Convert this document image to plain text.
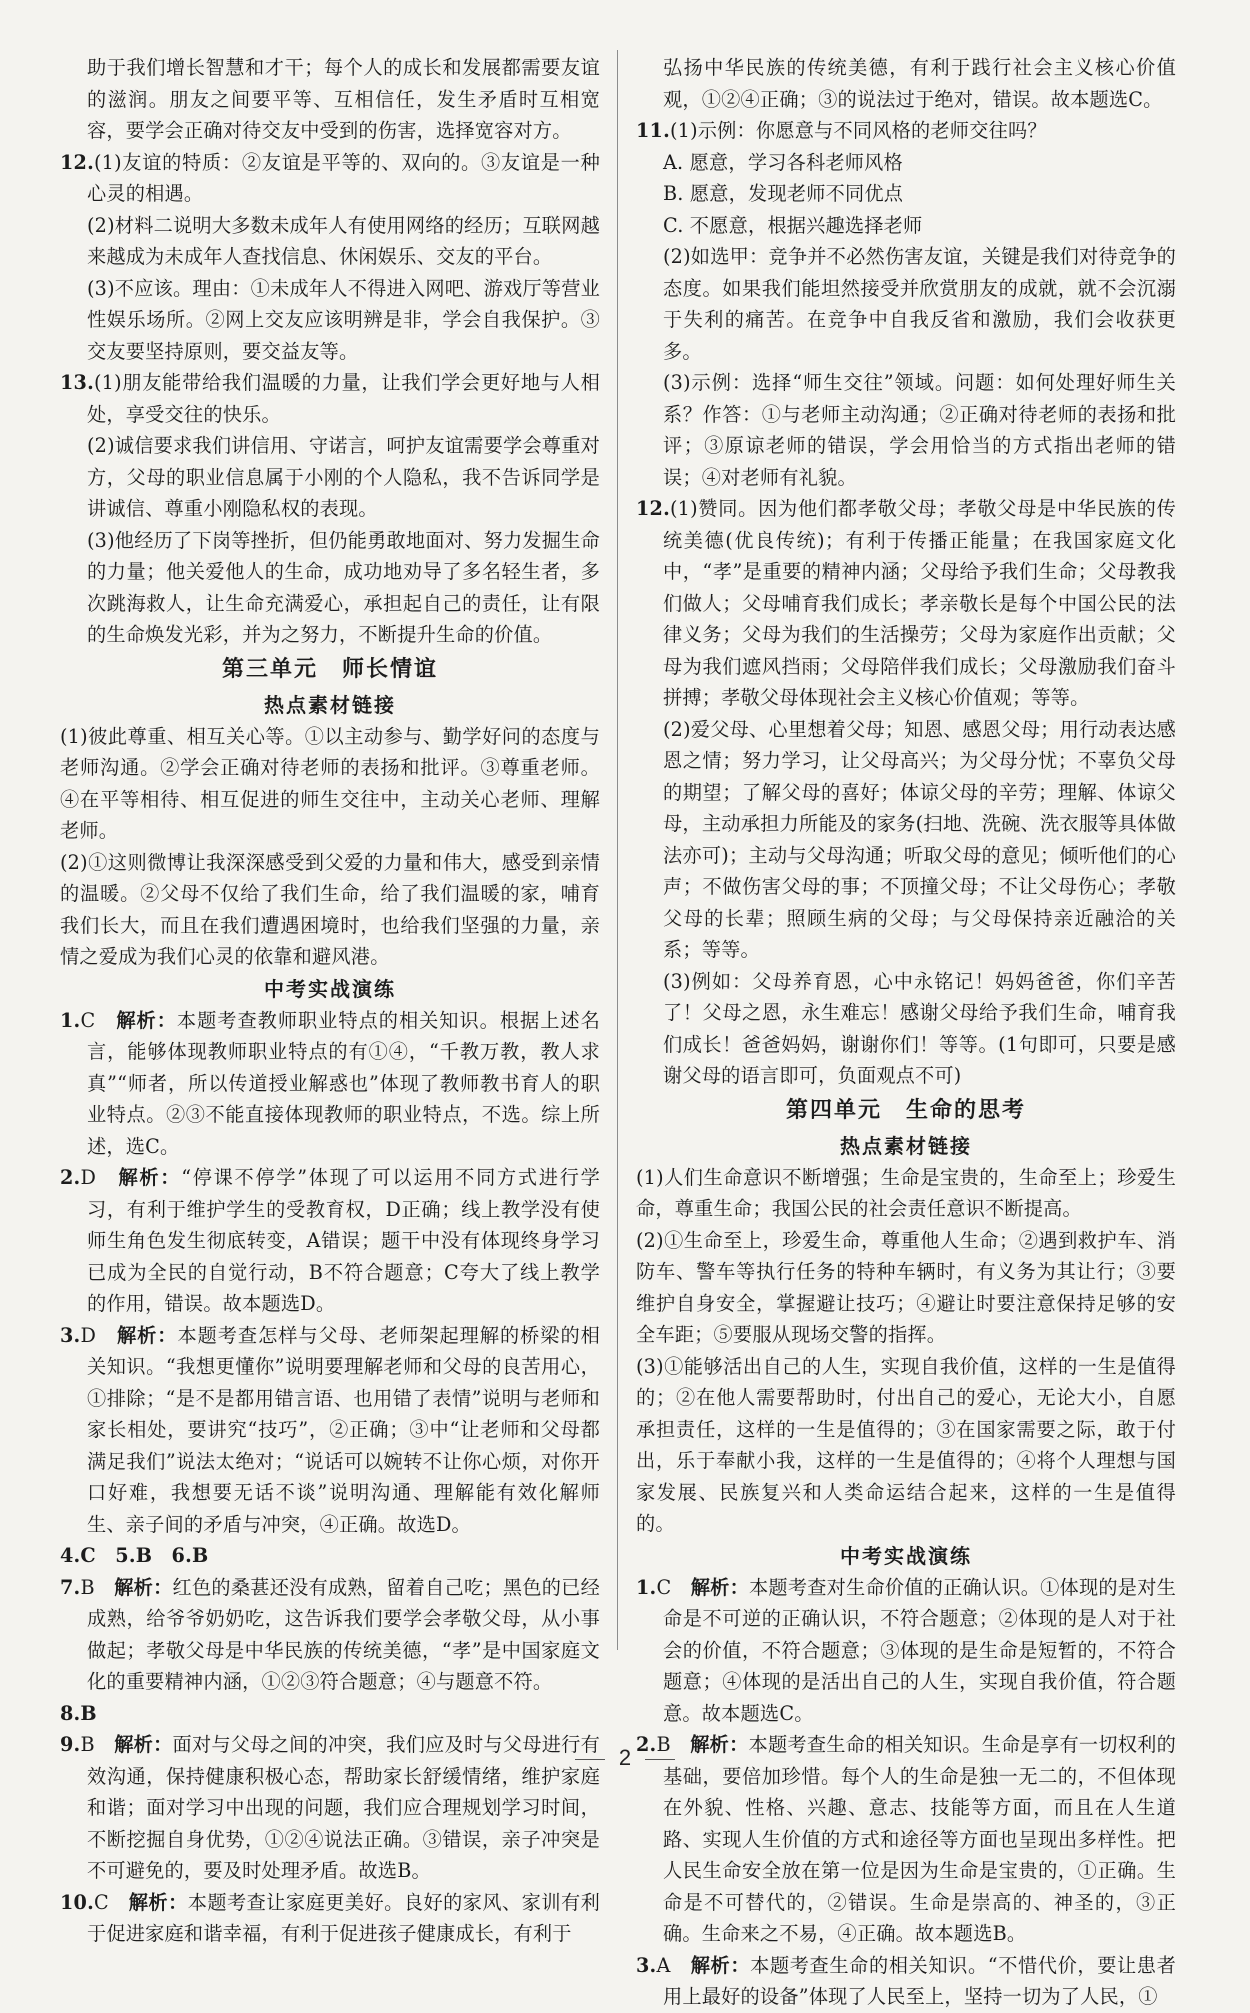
助于我们增长智慧和才干；每个人的成长和发展都需要友谊的滋润。朋友之间要平等、互相信任，发生矛盾时互相宽容，要学会正确对待交友中受到的伤害，选择宽容对方。

12.(1)友谊的特质：②友谊是平等的、双向的。③友谊是一种心灵的相遇。

(2)材料二说明大多数未成年人有使用网络的经历；互联网越来越成为未成年人查找信息、休闲娱乐、交友的平台。

(3)不应该。理由：①未成年人不得进入网吧、游戏厅等营业性娱乐场所。②网上交友应该明辨是非，学会自我保护。③交友要坚持原则，要交益友等。

13.(1)朋友能带给我们温暖的力量，让我们学会更好地与人相处，享受交往的快乐。

(2)诚信要求我们讲信用、守诺言，呵护友谊需要学会尊重对方，父母的职业信息属于小刚的个人隐私，我不告诉同学是讲诚信、尊重小刚隐私权的表现。

(3)他经历了下岗等挫折，但仍能勇敢地面对、努力发掘生命的力量；他关爱他人的生命，成功地劝导了多名轻生者，多次跳海救人，让生命充满爱心，承担起自己的责任，让有限的生命焕发光彩，并为之努力，不断提升生命的价值。

第三单元　师长情谊
热点素材链接

(1)彼此尊重、相互关心等。①以主动参与、勤学好问的态度与老师沟通。②学会正确对待老师的表扬和批评。③尊重老师。④在平等相待、相互促进的师生交往中，主动关心老师、理解老师。

(2)①这则微博让我深深感受到父爱的力量和伟大，感受到亲情的温暖。②父母不仅给了我们生命，给了我们温暖的家，哺育我们长大，而且在我们遭遇困境时，也给我们坚强的力量，亲情之爱成为我们心灵的依靠和避风港。

中考实战演练

1.C　 解析：本题考查教师职业特点的相关知识。根据上述名言，能够体现教师职业特点的有①④，“千教万教，教人求真”“师者，所以传道授业解惑也”体现了教师教书育人的职业特点。②③不能直接体现教师的职业特点，不选。综上所述，选C。

2.D　 解析：“停课不停学”体现了可以运用不同方式进行学习，有利于维护学生的受教育权，D正确；线上教学没有使师生角色发生彻底转变，A错误；题干中没有体现终身学习已成为全民的自觉行动，B不符合题意；C夸大了线上教学的作用，错误。故本题选D。

3.D　 解析：本题考查怎样与父母、老师架起理解的桥梁的相关知识。“我想更懂你”说明要理解老师和父母的良苦用心，①排除；“是不是都用错言语、也用错了表情”说明与老师和家长相处，要讲究“技巧”，②正确；③中“让老师和父母都满足我们”说法太绝对；“说话可以婉转不让你心烦，对你开口好难，我想要无话不谈”说明沟通、理解能有效化解师生、亲子间的矛盾与冲突，④正确。故选D。

4.C　5.B　6.B

7.B　 解析：红色的桑葚还没有成熟，留着自己吃；黑色的已经成熟，给爷爷奶奶吃，这告诉我们要学会孝敬父母，从小事做起；孝敬父母是中华民族的传统美德，“孝”是中国家庭文化的重要精神内涵，①②③符合题意；④与题意不符。

8.B

9.B　 解析：面对与父母之间的冲突，我们应及时与父母进行有效沟通，保持健康积极心态，帮助家长舒缓情绪，维护家庭和谐；面对学习中出现的问题，我们应合理规划学习时间，不断挖掘自身优势，①②④说法正确。③错误，亲子冲突是不可避免的，要及时处理矛盾。故选B。

10.C　 解析：本题考查让家庭更美好。良好的家风、家训有利于促进家庭和谐幸福，有利于促进孩子健康成长，有利于

弘扬中华民族的传统美德，有利于践行社会主义核心价值观，①②④正确；③的说法过于绝对，错误。故本题选C。

11.(1)示例：你愿意与不同风格的老师交往吗？

A. 愿意，学习各科老师风格

B. 愿意，发现老师不同优点

C. 不愿意，根据兴趣选择老师

(2)如选甲：竞争并不必然伤害友谊，关键是我们对待竞争的态度。如果我们能坦然接受并欣赏朋友的成就，就不会沉溺于失利的痛苦。在竞争中自我反省和激励，我们会收获更多。

(3)示例：选择“师生交往”领域。问题：如何处理好师生关系？作答：①与老师主动沟通；②正确对待老师的表扬和批评；③原谅老师的错误，学会用恰当的方式指出老师的错误；④对老师有礼貌。

12.(1)赞同。因为他们都孝敬父母；孝敬父母是中华民族的传统美德(优良传统)；有利于传播正能量；在我国家庭文化中，“孝”是重要的精神内涵；父母给予我们生命；父母教我们做人；父母哺育我们成长；孝亲敬长是每个中国公民的法律义务；父母为我们的生活操劳；父母为家庭作出贡献；父母为我们遮风挡雨；父母陪伴我们成长；父母激励我们奋斗拼搏；孝敬父母体现社会主义核心价值观；等等。

(2)爱父母、心里想着父母；知恩、感恩父母；用行动表达感恩之情；努力学习，让父母高兴；为父母分忧；不辜负父母的期望；了解父母的喜好；体谅父母的辛劳；理解、体谅父母，主动承担力所能及的家务(扫地、洗碗、洗衣服等具体做法亦可)；主动与父母沟通；听取父母的意见；倾听他们的心声；不做伤害父母的事；不顶撞父母；不让父母伤心；孝敬父母的长辈；照顾生病的父母；与父母保持亲近融洽的关系；等等。

(3)例如：父母养育恩，心中永铭记！妈妈爸爸，你们辛苦了！父母之恩，永生难忘！感谢父母给予我们生命，哺育我们成长！爸爸妈妈，谢谢你们！等等。(1句即可，只要是感谢父母的语言即可，负面观点不可)

第四单元　生命的思考
热点素材链接

(1)人们生命意识不断增强；生命是宝贵的，生命至上；珍爱生命，尊重生命；我国公民的社会责任意识不断提高。

(2)①生命至上，珍爱生命，尊重他人生命；②遇到救护车、消防车、警车等执行任务的特种车辆时，有义务为其让行；③要维护自身安全，掌握避让技巧；④避让时要注意保持足够的安全车距；⑤要服从现场交警的指挥。

(3)①能够活出自己的人生，实现自我价值，这样的一生是值得的；②在他人需要帮助时，付出自己的爱心，无论大小，自愿承担责任，这样的一生是值得的；③在国家需要之际，敢于付出，乐于奉献小我，这样的一生是值得的；④将个人理想与国家发展、民族复兴和人类命运结合起来，这样的一生是值得的。

中考实战演练

1.C　 解析：本题考查对生命价值的正确认识。①体现的是对生命是不可逆的正确认识，不符合题意；②体现的是人对于社会的价值，不符合题意；③体现的是生命是短暂的，不符合题意；④体现的是活出自己的人生，实现自我价值，符合题意。故本题选C。

2.B　 解析：本题考查生命的相关知识。生命是享有一切权利的基础，要倍加珍惜。每个人的生命是独一无二的，不但体现在外貌、性格、兴趣、意志、技能等方面，而且在人生道路、实现人生价值的方式和途径等方面也呈现出多样性。把人民生命安全放在第一位是因为生命是宝贵的，①正确。生命是不可替代的，②错误。生命是崇高的、神圣的，③正确。生命来之不易，④正确。故本题选B。

3.A　 解析：本题考查生命的相关知识。“不惜代价，要让患者用上最好的设备”体现了人民至上，坚持一切为了人民，①

2
